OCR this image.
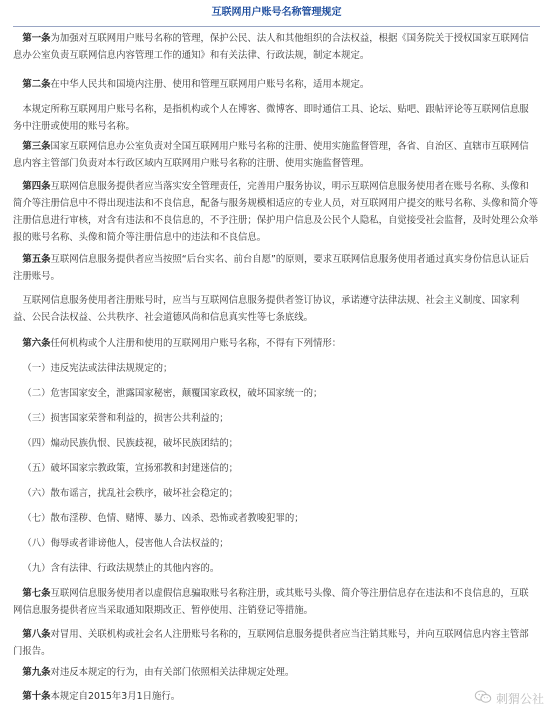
互联网用户账号名称管理规定
第一条为加强对互联网用户账号名称的管理，保护公民、法人和其他组织的合法权益，根据《国务院关于授权国家互联网信息办公室负责互联网信息内容管理工作的通知》和有关法律、行政法规，制定本规定。
第二条在中华人民共和国境内注册、使用和管理互联网用户账号名称，适用本规定。
本规定所称互联网用户账号名称，是指机构或个人在博客、微博客、即时通信工具、论坛、贴吧、跟帖评论等互联网信息服务中注册或使用的账号名称。
第三条国家互联网信息办公室负责对全国互联网用户账号名称的注册、使用实施监督管理，各省、自治区、直辖市互联网信息内容主管部门负责对本行政区域内互联网用户账号名称的注册、使用实施监督管理。
第四条互联网信息服务提供者应当落实安全管理责任，完善用户服务协议，明示互联网信息服务使用者在账号名称、头像和简介等注册信息中不得出现违法和不良信息，配备与服务规模相适应的专业人员，对互联网用户提交的账号名称、头像和简介等注册信息进行审核，对含有违法和不良信息的，不予注册；保护用户信息及公民个人隐私，自觉接受社会监督，及时处理公众举报的账号名称、头像和简介等注册信息中的违法和不良信息。
第五条互联网信息服务提供者应当按照“后台实名、前台自愿”的原则，要求互联网信息服务使用者通过真实身份信息认证后注册账号。
互联网信息服务使用者注册账号时，应当与互联网信息服务提供者签订协议，承诺遵守法律法规、社会主义制度、国家利益、公民合法权益、公共秩序、社会道德风尚和信息真实性等七条底线。
第六条任何机构或个人注册和使用的互联网用户账号名称，不得有下列情形：
（一）违反宪法或法律法规规定的；
（二）危害国家安全，泄露国家秘密，颠覆国家政权，破坏国家统一的；
（三）损害国家荣誉和利益的，损害公共利益的；
（四）煽动民族仇恨、民族歧视，破坏民族团结的；
（五）破坏国家宗教政策，宣扬邪教和封建迷信的；
（六）散布谣言，扰乱社会秩序，破坏社会稳定的；
（七）散布淫秽、色情、赌博、暴力、凶杀、恐怖或者教唆犯罪的；
（八）侮辱或者诽谤他人，侵害他人合法权益的；
（九）含有法律、行政法规禁止的其他内容的。
第七条互联网信息服务使用者以虚假信息骗取账号名称注册，或其账号头像、简介等注册信息存在违法和不良信息的，互联网信息服务提供者应当采取通知限期改正、暂停使用、注销登记等措施。
第八条对冒用、关联机构或社会名人注册账号名称的，互联网信息服务提供者应当注销其账号，并向互联网信息内容主管部门报告。
第九条对违反本规定的行为，由有关部门依照相关法律规定处理。
第十条本规定自2015年3月1日施行。	刺猬公社
